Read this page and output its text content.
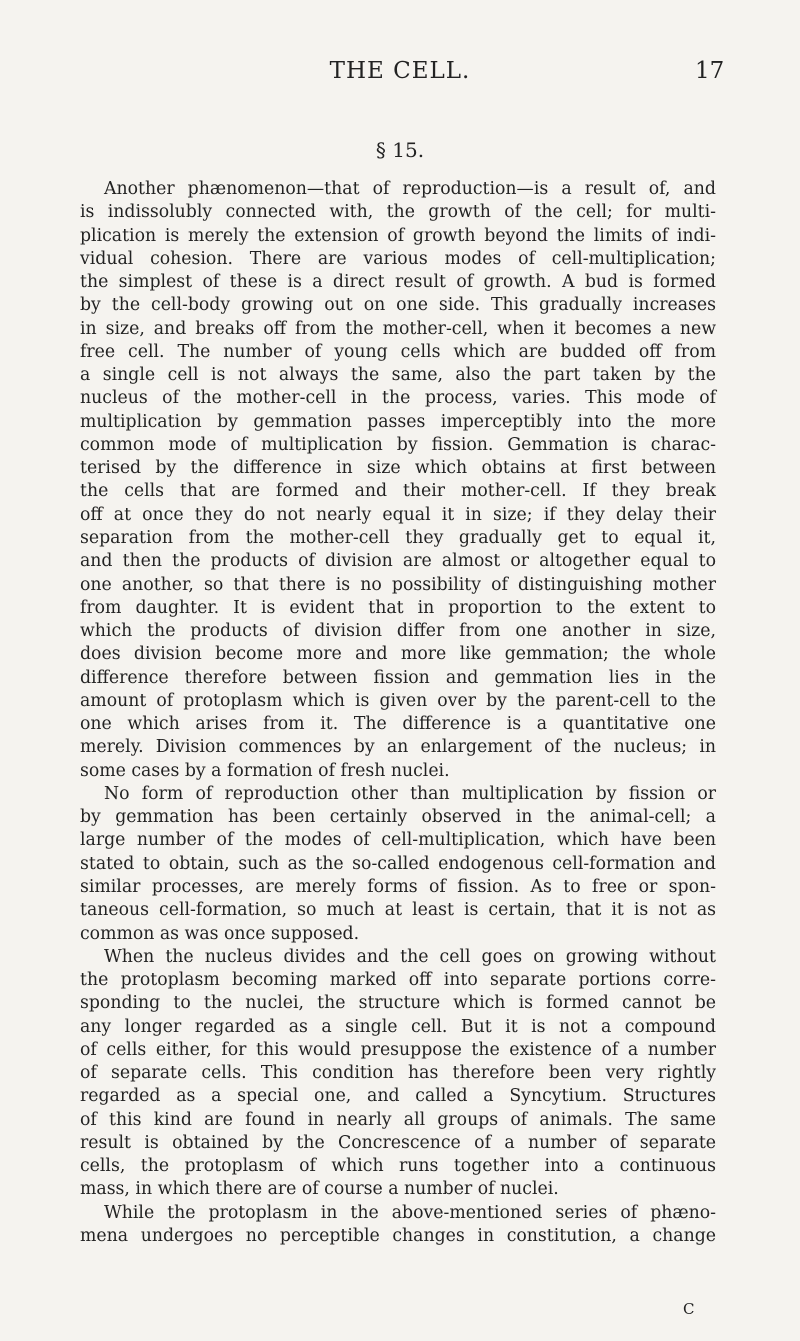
THE CELL.	17
§ 15.
Another phænomenon—that of reproduction—is a result of, and
is indissolubly connected with, the growth of the cell; for multi-
plication is merely the extension of growth beyond the limits of indi-
vidual cohesion. There are various modes of cell-multiplication;
the simplest of these is a direct result of growth. A bud is formed
by the cell-body growing out on one side. This gradually increases
in size, and breaks off from the mother-cell, when it becomes a new
free cell. The number of young cells which are budded off from
a single cell is not always the same, also the part taken by the
nucleus of the mother-cell in the process, varies. This mode of
multiplication by gemmation passes imperceptibly into the more
common mode of multiplication by fission. Gemmation is charac-
terised by the difference in size which obtains at first between
the cells that are formed and their mother-cell. If they break
off at once they do not nearly equal it in size; if they delay their
separation from the mother-cell they gradually get to equal it,
and then the products of division are almost or altogether equal to
one another, so that there is no possibility of distinguishing mother
from daughter. It is evident that in proportion to the extent to
which the products of division differ from one another in size,
does division become more and more like gemmation; the whole
difference therefore between fission and gemmation lies in the
amount of protoplasm which is given over by the parent-cell to the
one which arises from it. The difference is a quantitative one
merely. Division commences by an enlargement of the nucleus; in
some cases by a formation of fresh nuclei.
No form of reproduction other than multiplication by fission or
by gemmation has been certainly observed in the animal-cell; a
large number of the modes of cell-multiplication, which have been
stated to obtain, such as the so-called endogenous cell-formation and
similar processes, are merely forms of fission. As to free or spon-
taneous cell-formation, so much at least is certain, that it is not as
common as was once supposed.
When the nucleus divides and the cell goes on growing without
the protoplasm becoming marked off into separate portions corre-
sponding to the nuclei, the structure which is formed cannot be
any longer regarded as a single cell. But it is not a compound
of cells either, for this would presuppose the existence of a number
of separate cells. This condition has therefore been very rightly
regarded as a special one, and called a Syncytium. Structures
of this kind are found in nearly all groups of animals. The same
result is obtained by the Concrescence of a number of separate
cells, the protoplasm of which runs together into a continuous
mass, in which there are of course a number of nuclei.
While the protoplasm in the above-mentioned series of phæno-
mena undergoes no perceptible changes in constitution, a change
C
